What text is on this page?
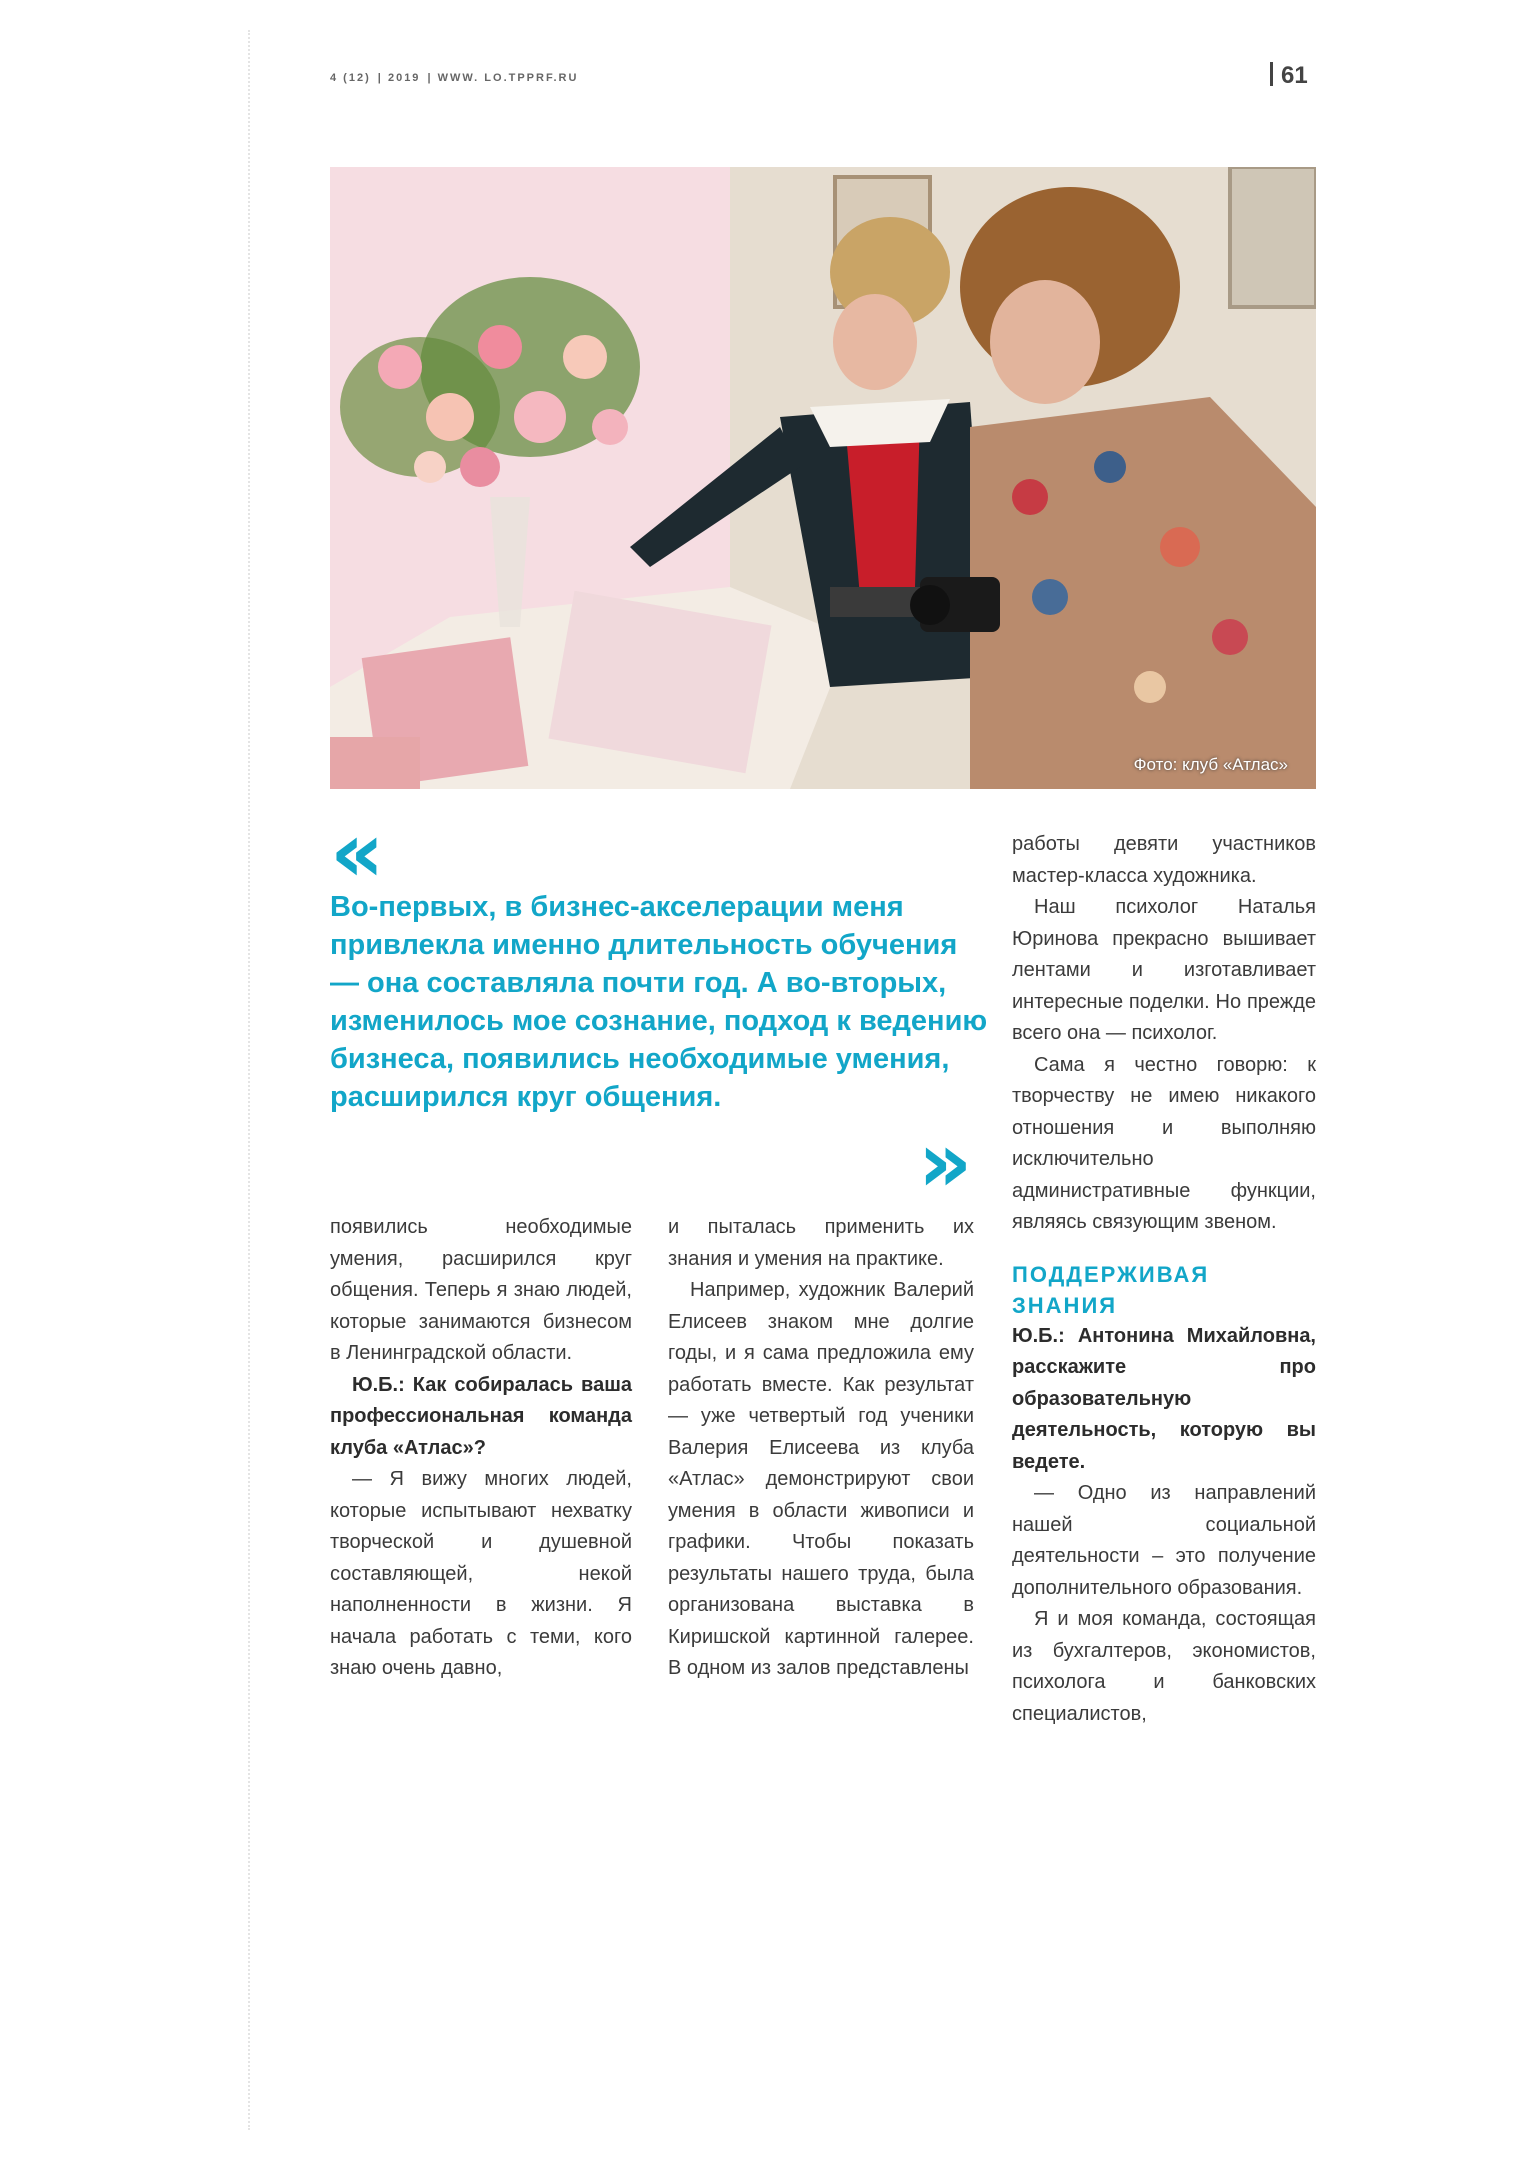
4 (12) | 2019 | WWW. LO.TPPRF.RU	61
Фото: клуб «Атлас»
«
Во-первых, в бизнес-акселерации меня привлекла именно длительность обучения — она составляла почти год. А во-вторых, изменилось мое сознание, подход к ведению бизнеса, появились необходимые умения, расширился круг общения.
»

появились необходимые умения, расширился круг общения. Теперь я знаю людей, которые занимаются бизнесом в Ленинградской области.

Ю.Б.: Как собиралась ваша профессиональная команда клуба «Атлас»?

— Я вижу многих людей, которые испытывают нехватку творческой и душевной составляющей, некой наполненности в жизни. Я начала работать с теми, кого знаю очень давно,

и пыталась применить их знания и умения на практике.

Например, художник Валерий Елисеев знаком мне долгие годы, и я сама предложила ему работать вместе. Как результат — уже четвертый год ученики Валерия Елисеева из клуба «Атлас» демонстрируют свои умения в области живописи и графики. Чтобы показать результаты нашего труда, была организована выставка в Киришской картинной галерее. В одном из залов представлены

работы девяти участников мастер-класса художника.

Наш психолог Наталья Юринова прекрасно вышивает лентами и изготавливает интересные поделки. Но прежде всего она — психолог.

Сама я честно говорю: к творчеству не имею никакого отношения и выполняю исключительно административные функции, являясь связующим звеном.

ПОДДЕРЖИВАЯ ЗНАНИЯ

Ю.Б.: Антонина Михайловна, расскажите про образовательную деятельность, которую вы ведете.

— Одно из направлений нашей социальной деятельности – это получение дополнительного образования.

Я и моя команда, состоящая из бухгалтеров, экономистов, психолога и банковских специалистов,
